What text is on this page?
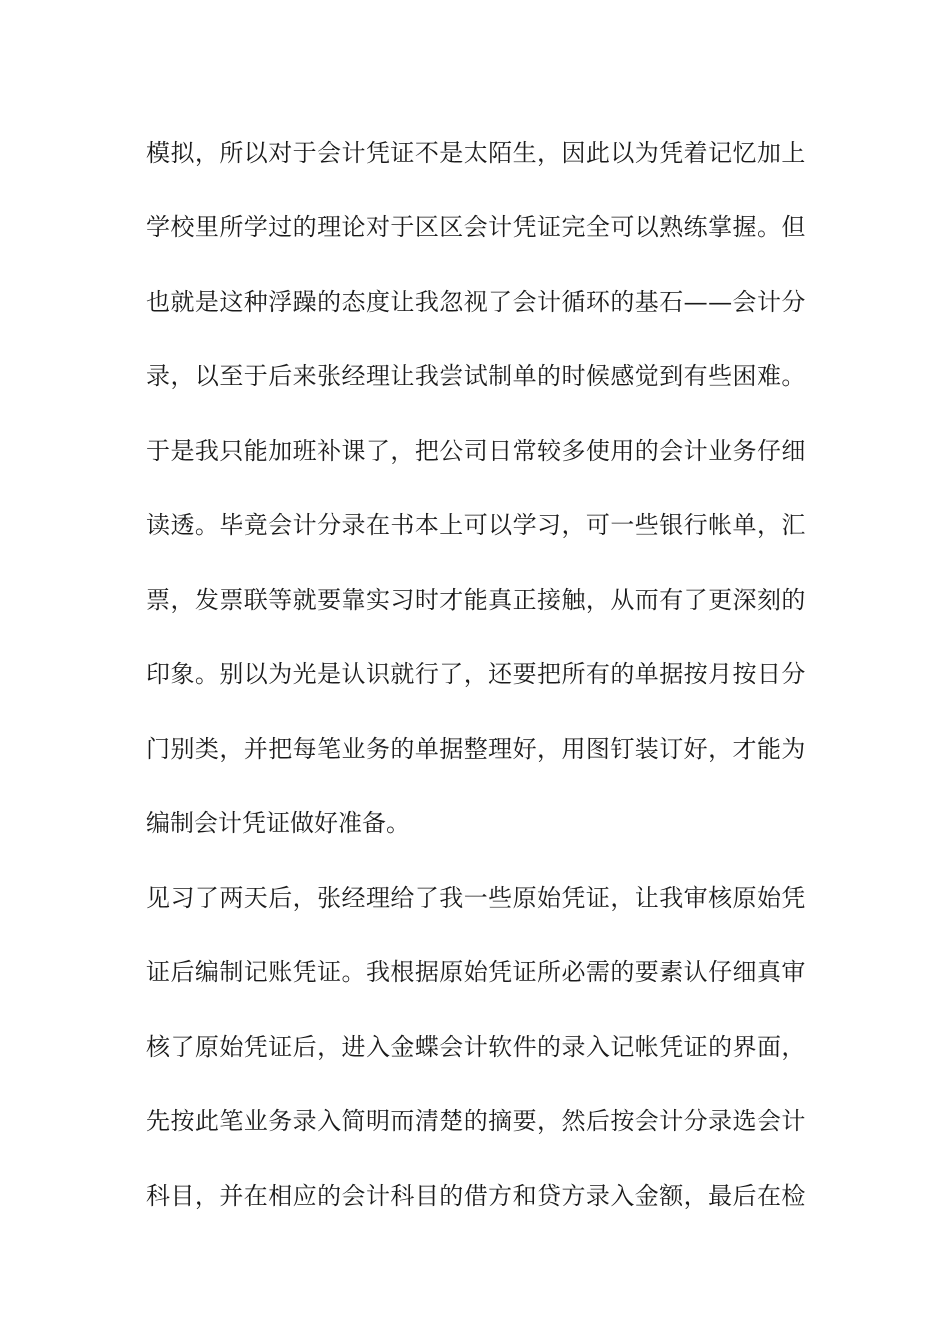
模拟，所以对于会计凭证不是太陌生，因此以为凭着记忆加上
学校里所学过的理论对于区区会计凭证完全可以熟练掌握。但
也就是这种浮躁的态度让我忽视了会计循环的基石——会计分
录，以至于后来张经理让我尝试制单的时候感觉到有些困难。
于是我只能加班补课了，把公司日常较多使用的会计业务仔细
读透。毕竟会计分录在书本上可以学习，可一些银行帐单，汇
票，发票联等就要靠实习时才能真正接触，从而有了更深刻的
印象。别以为光是认识就行了，还要把所有的单据按月按日分
门别类，并把每笔业务的单据整理好，用图钉装订好，才能为
编制会计凭证做好准备。
见习了两天后，张经理给了我一些原始凭证，让我审核原始凭
证后编制记账凭证。我根据原始凭证所必需的要素认仔细真审
核了原始凭证后，进入金蝶会计软件的录入记帐凭证的界面，
先按此笔业务录入简明而清楚的摘要，然后按会计分录选会计
科目，并在相应的会计科目的借方和贷方录入金额，最后在检
